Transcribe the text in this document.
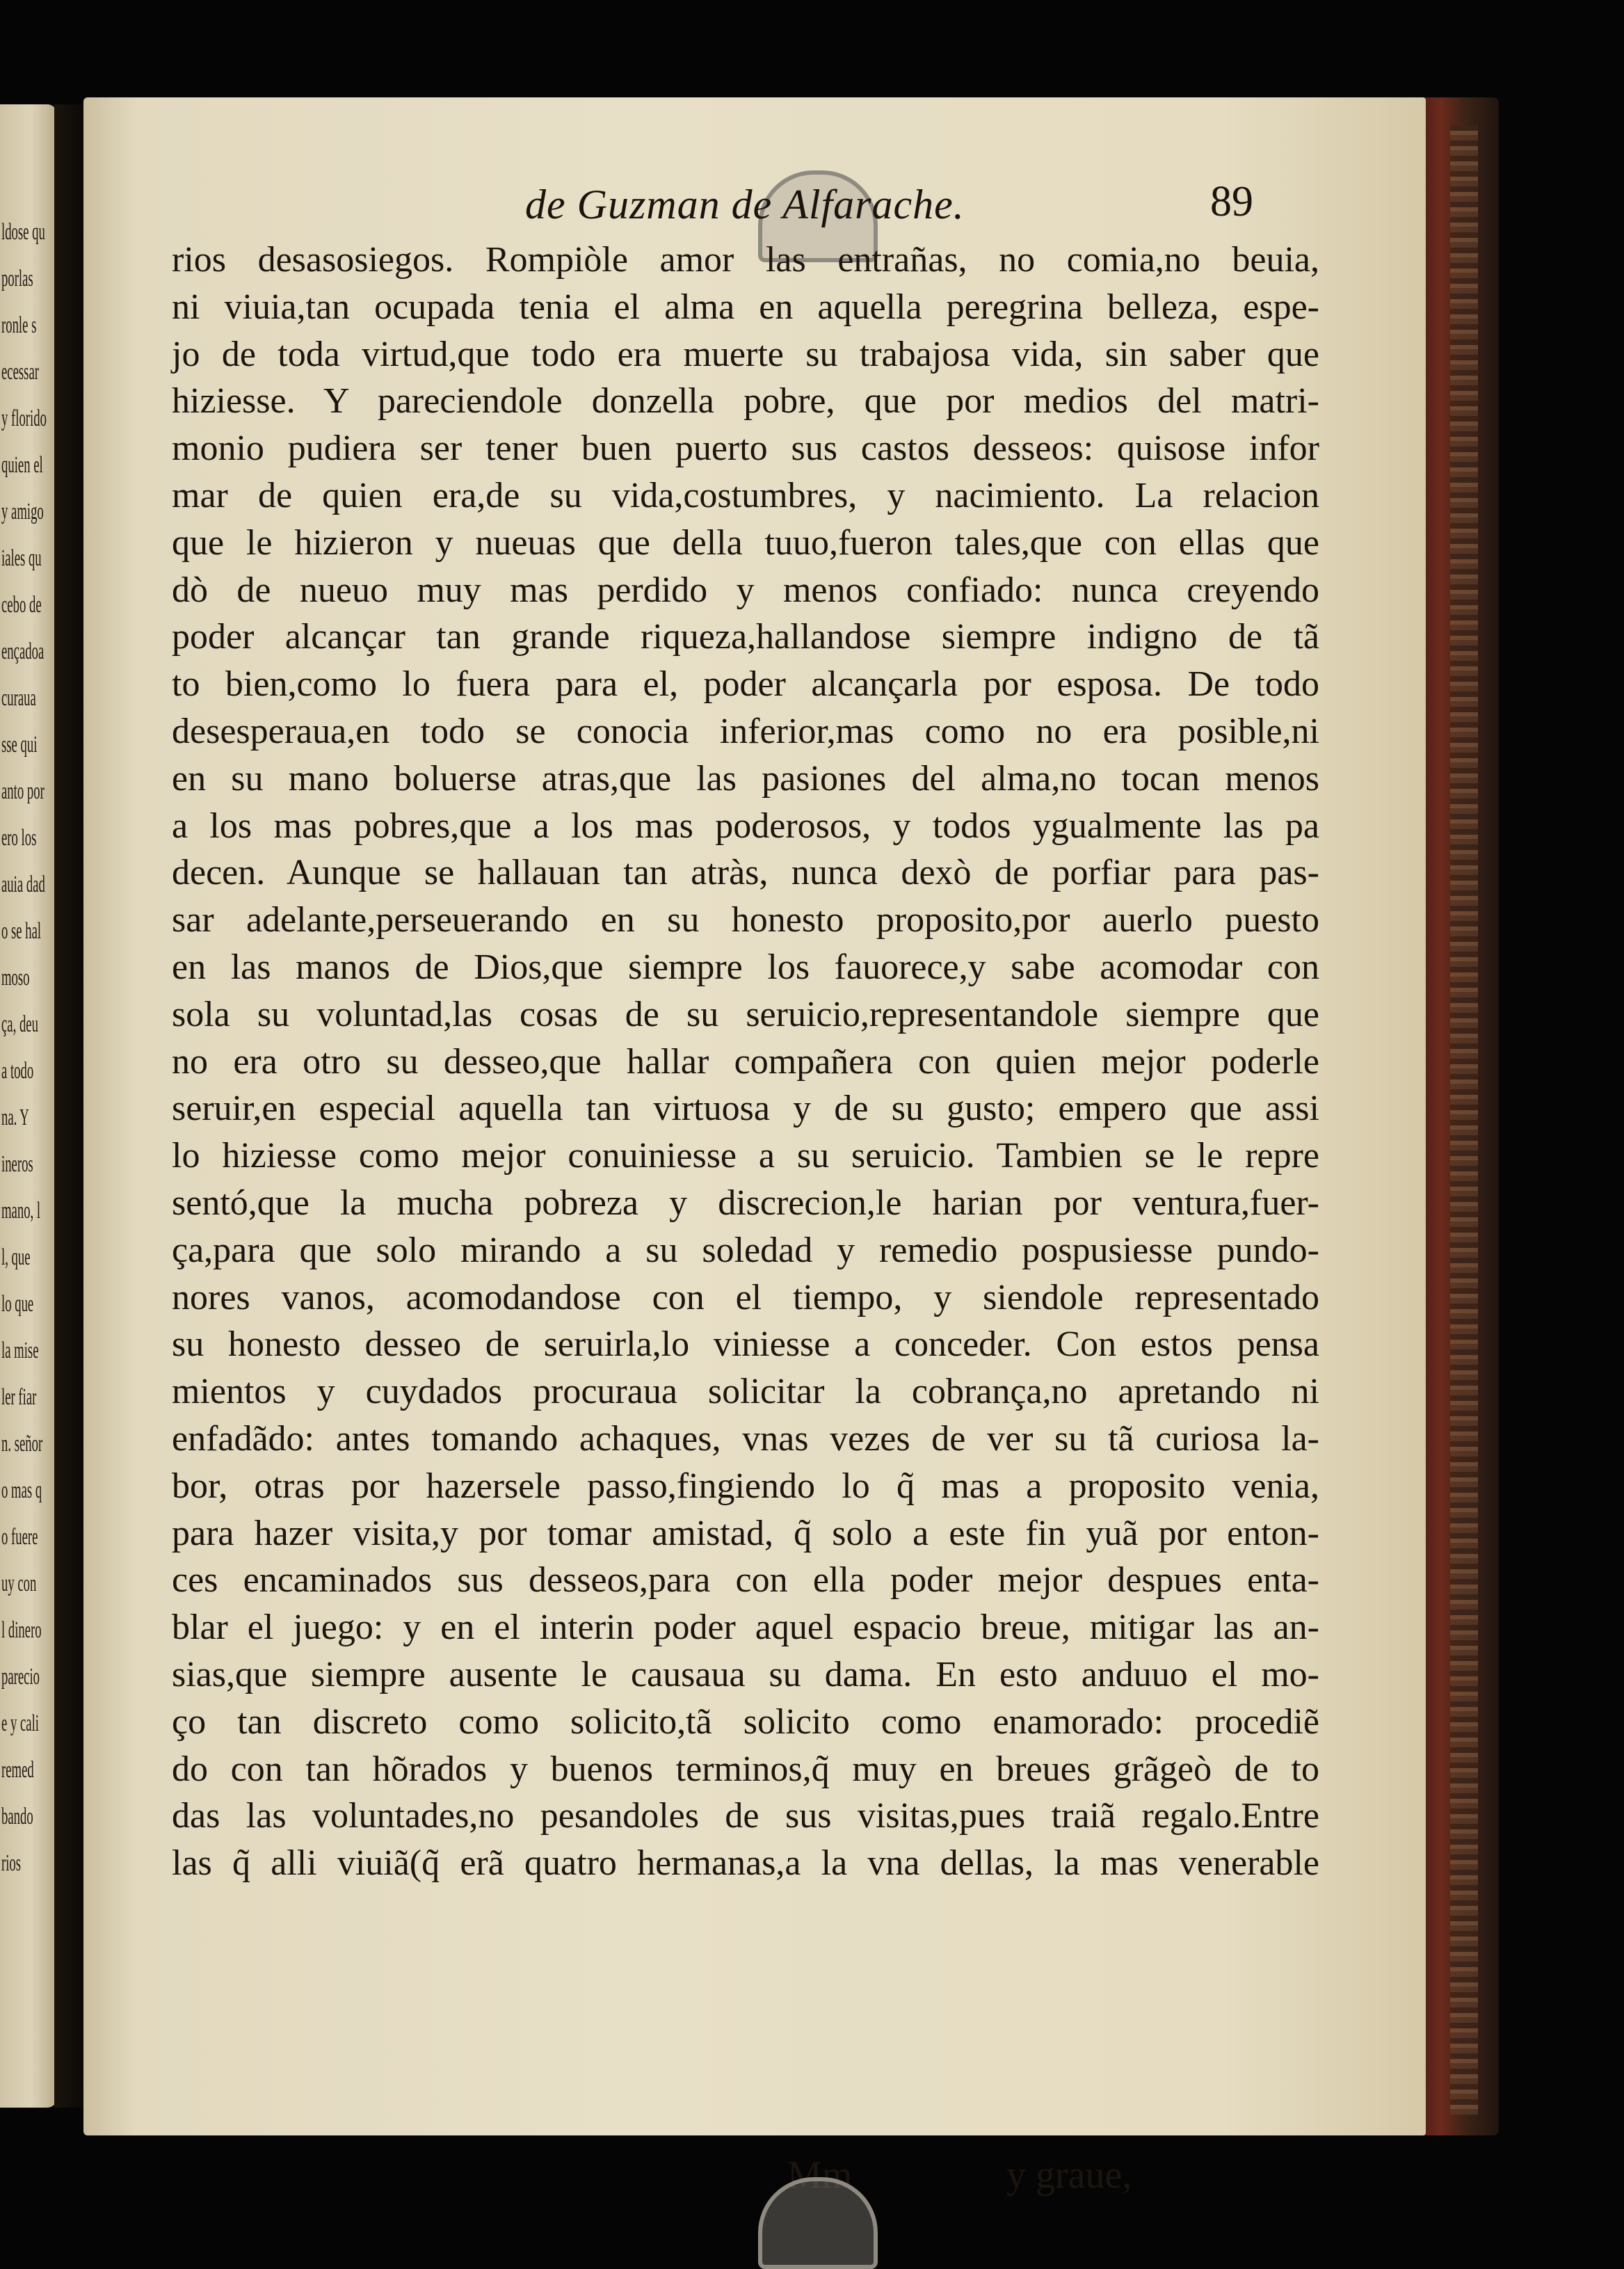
ldose qu
porlas
ronle s
ecessar
y florido
quien el
y amigo
iales qu
cebo de
ençadoa
curaua
sse qui
anto por
ero los
auia dad
o se hal
moso
ça, deu
a todo
na. Y
ineros
mano, l
l, que
lo que
la mise
ler fiar
n. señor
o mas q
o fuere
uy con
l dinero
parecio
e y cali
remed
bando
rios
de Guzman de Alfarache.	89
rios desasosiegos. Rompiòle amor las entrañas, no comia,no beuia,
ni viuia,tan ocupada tenia el alma en aquella peregrina belleza, espe-
jo de toda virtud,que todo era muerte su trabajosa vida, sin saber que
hiziesse. Y pareciendole donzella pobre, que por medios del matri-
monio pudiera ser tener buen puerto sus castos desseos: quisose infor
mar de quien era,de su vida,costumbres, y nacimiento. La relacion
que le hizieron y nueuas que della tuuo,fueron tales,que con ellas que
dò de nueuo muy mas perdido y menos confiado: nunca creyendo
poder alcançar tan grande riqueza,hallandose siempre indigno de tã
to bien,como lo fuera para el, poder alcançarla por esposa. De todo
desesperaua,en todo se conocia inferior,mas como no era posible,ni
en su mano boluerse atras,que las pasiones del alma,no tocan menos
a los mas pobres,que a los mas poderosos, y todos ygualmente las pa
decen. Aunque se hallauan tan atràs, nunca dexò de porfiar para pas-
sar adelante,perseuerando en su honesto proposito,por auerlo puesto
en las manos de Dios,que siempre los fauorece,y sabe acomodar con
sola su voluntad,las cosas de su seruicio,representandole siempre que
no era otro su desseo,que hallar compañera con quien mejor poderle
seruir,en especial aquella tan virtuosa y de su gusto; empero que assi
lo hiziesse como mejor conuiniesse a su seruicio. Tambien se le repre
sentó,que la mucha pobreza y discrecion,le harian por ventura,fuer-
ça,para que solo mirando a su soledad y remedio pospusiesse pundo-
nores vanos, acomodandose con el tiempo, y siendole representado
su honesto desseo de seruirla,lo viniesse a conceder. Con estos pensa
mientos y cuydados procuraua solicitar la cobrança,no apretando ni
enfadãdo: antes tomando achaques, vnas vezes de ver su tã curiosa la-
bor, otras por hazersele passo,fingiendo lo q̃ mas a proposito venia,
para hazer visita,y por tomar amistad, q̃ solo a este fin yuã por enton-
ces encaminados sus desseos,para con ella poder mejor despues enta-
blar el juego: y en el interin poder aquel espacio breue, mitigar las an-
sias,que siempre ausente le causaua su dama. En esto anduuo el mo-
ço tan discreto como solicito,tã solicito como enamorado: procediẽ
do con tan hõrados y buenos terminos,q̃ muy en breues grãgeò de to
das las voluntades,no pesandoles de sus visitas,pues traiã regalo.Entre
las q̃ alli viuiã(q̃ erã quatro hermanas,a la vna dellas, la mas venerable
Mm	y graue,
